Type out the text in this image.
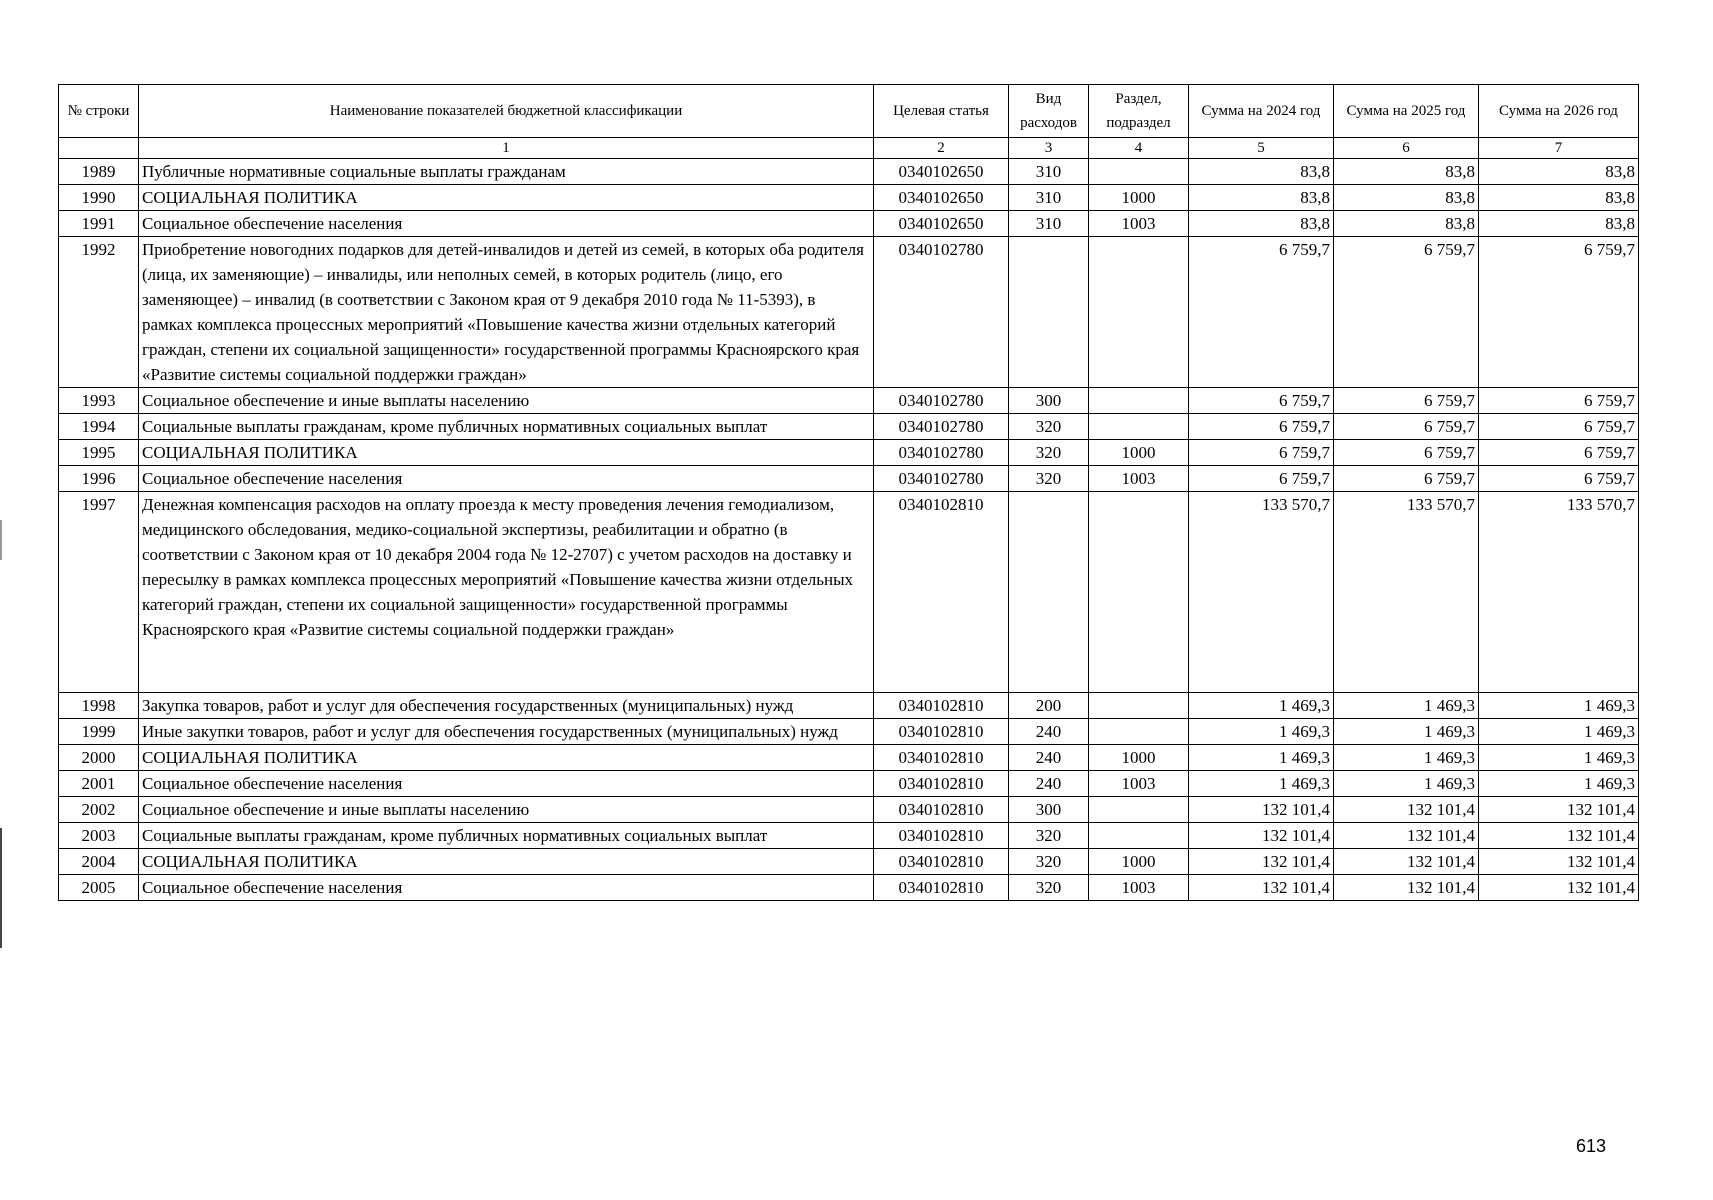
№ строки	Наименование показателей бюджетной классификации	Целевая статья	Вид расходов	Раздел, подраздел	Сумма на 2024 год	Сумма на 2025 год	Сумма на 2026 год
	1	2	3	4	5	6	7
1989	Публичные нормативные социальные выплаты гражданам	0340102650	310		83,8	83,8	83,8
1990	СОЦИАЛЬНАЯ ПОЛИТИКА	0340102650	310	1000	83,8	83,8	83,8
1991	Социальное обеспечение населения	0340102650	310	1003	83,8	83,8	83,8
1992	Приобретение новогодних подарков для детей-инвалидов и детей из семей, в которых оба родителя (лица, их заменяющие) – инвалиды, или неполных семей, в которых родитель (лицо, его заменяющее) – инвалид (в соответствии с Законом края от 9 декабря 2010 года № 11-5393), в рамках комплекса процессных мероприятий «Повышение качества жизни отдельных категорий граждан, степени их социальной защищенности» государственной программы Красноярского края «Развитие системы социальной поддержки граждан»	0340102780			6 759,7	6 759,7	6 759,7
1993	Социальное обеспечение и иные выплаты населению	0340102780	300		6 759,7	6 759,7	6 759,7
1994	Социальные выплаты гражданам, кроме публичных нормативных социальных выплат	0340102780	320		6 759,7	6 759,7	6 759,7
1995	СОЦИАЛЬНАЯ ПОЛИТИКА	0340102780	320	1000	6 759,7	6 759,7	6 759,7
1996	Социальное обеспечение населения	0340102780	320	1003	6 759,7	6 759,7	6 759,7
1997	Денежная компенсация расходов на оплату проезда к месту проведения лечения гемодиализом, медицинского обследования, медико-социальной экспертизы, реабилитации и обратно (в соответствии с Законом края от 10 декабря 2004 года № 12-2707) с учетом расходов на доставку и пересылку в рамках комплекса процессных мероприятий «Повышение качества жизни отдельных категорий граждан, степени их социальной защищенности» государственной программы Красноярского края «Развитие системы социальной поддержки граждан»	0340102810			133 570,7	133 570,7	133 570,7
1998	Закупка товаров, работ и услуг для обеспечения государственных (муниципальных) нужд	0340102810	200		1 469,3	1 469,3	1 469,3
1999	Иные закупки товаров, работ и услуг для обеспечения государственных (муниципальных) нужд	0340102810	240		1 469,3	1 469,3	1 469,3
2000	СОЦИАЛЬНАЯ ПОЛИТИКА	0340102810	240	1000	1 469,3	1 469,3	1 469,3
2001	Социальное обеспечение населения	0340102810	240	1003	1 469,3	1 469,3	1 469,3
2002	Социальное обеспечение и иные выплаты населению	0340102810	300		132 101,4	132 101,4	132 101,4
2003	Социальные выплаты гражданам, кроме публичных нормативных социальных выплат	0340102810	320		132 101,4	132 101,4	132 101,4
2004	СОЦИАЛЬНАЯ ПОЛИТИКА	0340102810	320	1000	132 101,4	132 101,4	132 101,4
2005	Социальное обеспечение населения	0340102810	320	1003	132 101,4	132 101,4	132 101,4
613
